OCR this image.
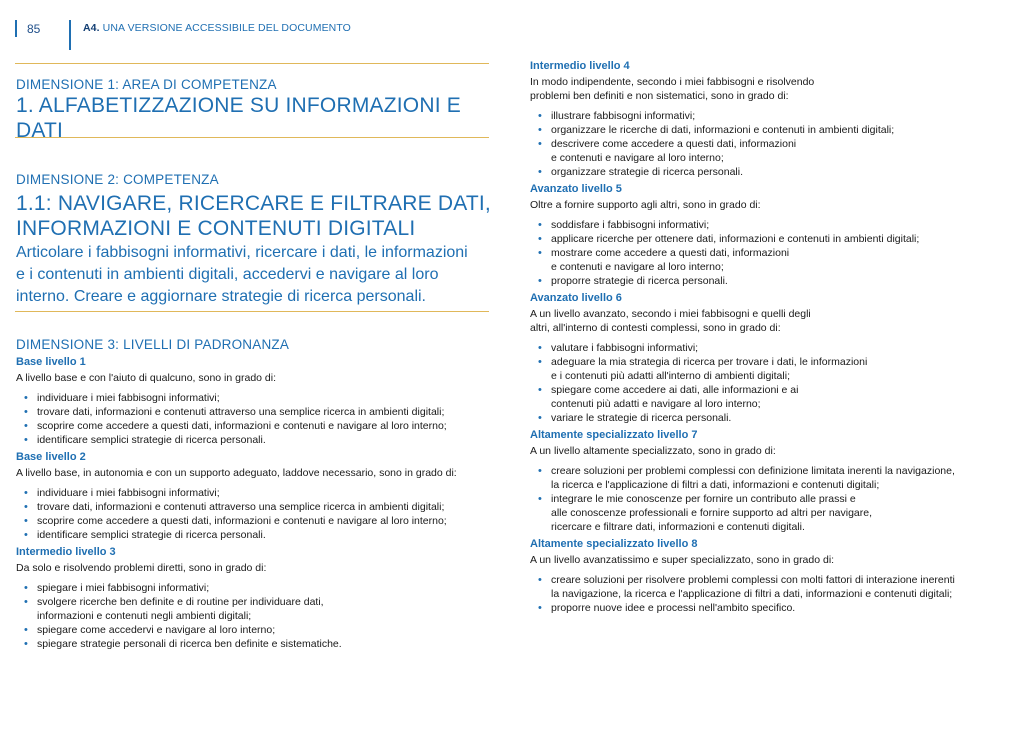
85	A4. UNA VERSIONE ACCESSIBILE DEL DOCUMENTO

DIMENSIONE 1: AREA DI COMPETENZA

1. ALFABETIZZAZIONE SU INFORMAZIONI E DATI

DIMENSIONE 2: COMPETENZA

1.1: NAVIGARE, RICERCARE E FILTRARE DATI,

INFORMAZIONI E CONTENUTI DIGITALI

Articolare i fabbisogni informativi, ricercare i dati, le informazioni

e i contenuti in ambienti digitali, accedervi e navigare al loro

interno. Creare e aggiornare strategie di ricerca personali.

DIMENSIONE 3: LIVELLI DI PADRONANZA

Base livello 1

A livello base e con l'aiuto di qualcuno, sono in grado di:

• individuare i miei fabbisogni informativi;
• trovare dati, informazioni e contenuti attraverso una semplice ricerca in ambienti digitali;
• scoprire come accedere a questi dati, informazioni e contenuti e navigare al loro interno;
• identificare semplici strategie di ricerca personali.

Base livello 2

A livello base, in autonomia e con un supporto adeguato, laddove necessario, sono in grado di:

• individuare i miei fabbisogni informativi;
• trovare dati, informazioni e contenuti attraverso una semplice ricerca in ambienti digitali;
• scoprire come accedere a questi dati, informazioni e contenuti e navigare al loro interno;
• identificare semplici strategie di ricerca personali.

Intermedio livello 3

Da solo e risolvendo problemi diretti, sono in grado di:

• spiegare i miei fabbisogni informativi;
• svolgere ricerche ben definite e di routine per individuare dati,
informazioni e contenuti negli ambienti digitali;
• spiegare come accedervi e navigare al loro interno;
• spiegare strategie personali di ricerca ben definite e sistematiche.

Intermedio livello 4

In modo indipendente, secondo i miei fabbisogni e risolvendo

problemi ben definiti e non sistematici, sono in grado di:

• illustrare fabbisogni informativi;
• organizzare le ricerche di dati, informazioni e contenuti in ambienti digitali;
• descrivere come accedere a questi dati, informazioni
e contenuti e navigare al loro interno;
• organizzare strategie di ricerca personali.

Avanzato livello 5

Oltre a fornire supporto agli altri, sono in grado di:

• soddisfare i fabbisogni informativi;
• applicare ricerche per ottenere dati, informazioni e contenuti in ambienti digitali;
• mostrare come accedere a questi dati, informazioni
e contenuti e navigare al loro interno;
• proporre strategie di ricerca personali.

Avanzato livello 6

A un livello avanzato, secondo i miei fabbisogni e quelli degli

altri, all'interno di contesti complessi, sono in grado di:

• valutare i fabbisogni informativi;
• adeguare la mia strategia di ricerca per trovare i dati, le informazioni
e i contenuti più adatti all'interno di ambienti digitali;
• spiegare come accedere ai dati, alle informazioni e ai
contenuti più adatti e navigare al loro interno;
• variare le strategie di ricerca personali.

Altamente specializzato livello 7

A un livello altamente specializzato, sono in grado di:

• creare soluzioni per problemi complessi con definizione limitata inerenti la navigazione,
la ricerca e l'applicazione di filtri a dati, informazioni e contenuti digitali;
• integrare le mie conoscenze per fornire un contributo alle prassi e
alle conoscenze professionali e fornire supporto ad altri per navigare,
ricercare e filtrare dati, informazioni e contenuti digitali.

Altamente specializzato livello 8

A un livello avanzatissimo e super specializzato, sono in grado di:

• creare soluzioni per risolvere problemi complessi con molti fattori di interazione inerenti
la navigazione, la ricerca e l'applicazione di filtri a dati, informazioni e contenuti digitali;
• proporre nuove idee e processi nell'ambito specifico.
